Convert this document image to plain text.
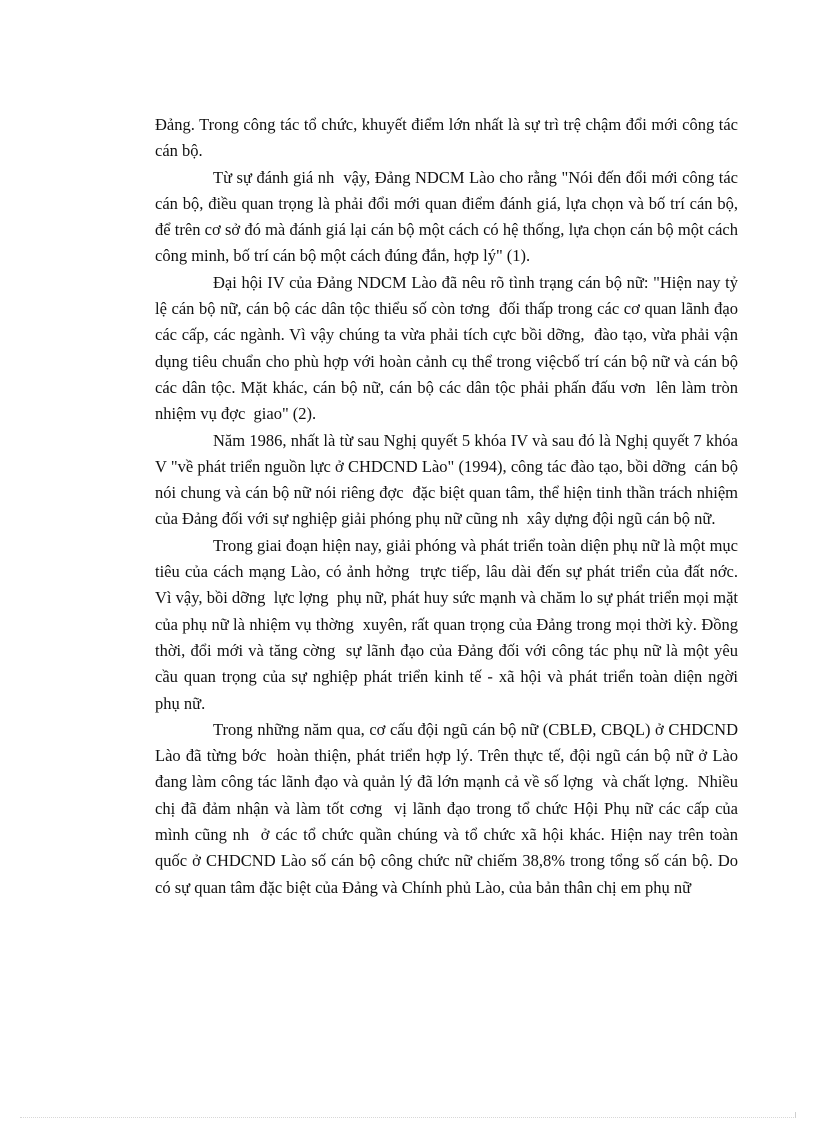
Đảng. Trong công tác tổ chức, khuyết điểm lớn nhất là sự trì trệ chậm đổi mới công tác cán bộ.

Từ sự đánh giá nh  vậy, Đảng NDCM Lào cho rằng "Nói đến đổi mới công tác cán bộ, điều quan trọng là phải đổi mới quan điểm đánh giá, lựa chọn và bố trí cán bộ, để trên cơ sở đó mà đánh giá lại cán bộ một cách có hệ thống, lựa chọn cán bộ một cách công minh, bố trí cán bộ một cách đúng đắn, hợp lý" (1).

Đại hội IV của Đảng NDCM Lào đã nêu rõ tình trạng cán bộ nữ: "Hiện nay tỷ lệ cán bộ nữ, cán bộ các dân tộc thiểu số còn tơng  đối thấp trong các cơ quan lãnh đạo các cấp, các ngành. Vì vậy chúng ta vừa phải tích cực bồi dỡng,  đào tạo, vừa phải vận dụng tiêu chuẩn cho phù hợp với hoàn cảnh cụ thể trong việcbố trí cán bộ nữ và cán bộ các dân tộc. Mặt khác, cán bộ nữ, cán bộ các dân tộc phải phấn đấu vơn  lên làm tròn nhiệm vụ đợc  giao" (2).

Năm 1986, nhất là từ sau Nghị quyết 5 khóa IV và sau đó là Nghị quyết 7 khóa V "về phát triển nguồn lực ở CHDCND Lào" (1994), công tác đào tạo, bồi dỡng  cán bộ nói chung và cán bộ nữ nói riêng đợc  đặc biệt quan tâm, thể hiện tinh thần trách nhiệm của Đảng đối với sự nghiệp giải phóng phụ nữ cũng nh  xây dựng đội ngũ cán bộ nữ.

Trong giai đoạn hiện nay, giải phóng và phát triển toàn diện phụ nữ là một mục tiêu của cách mạng Lào, có ảnh hởng  trực tiếp, lâu dài đến sự phát triển của đất nớc.  Vì vậy, bồi dỡng  lực lợng  phụ nữ, phát huy sức mạnh và chăm lo sự phát triển mọi mặt của phụ nữ là nhiệm vụ thờng  xuyên, rất quan trọng của Đảng trong mọi thời kỳ. Đồng thời, đổi mới và tăng cờng  sự lãnh đạo của Đảng đối với công tác phụ nữ là một yêu cầu quan trọng của sự nghiệp phát triển kinh tế - xã hội và phát triển toàn diện ngời  phụ nữ.

Trong những năm qua, cơ cấu đội ngũ cán bộ nữ (CBLĐ, CBQL) ở CHDCND Lào đã từng bớc  hoàn thiện, phát triển hợp lý. Trên thực tế, đội ngũ cán bộ nữ ở Lào đang làm công tác lãnh đạo và quản lý đã lớn mạnh cả về số lợng  và chất lợng.  Nhiều chị đã đảm nhận và làm tốt cơng  vị lãnh đạo trong tổ chức Hội Phụ nữ các cấp của mình cũng nh  ở các tổ chức quần chúng và tổ chức xã hội khác. Hiện nay trên toàn quốc ở CHDCND Lào số cán bộ công chức nữ chiếm 38,8% trong tổng số cán bộ. Do có sự quan tâm đặc biệt của Đảng và Chính phủ Lào, của bản thân chị em phụ nữ
